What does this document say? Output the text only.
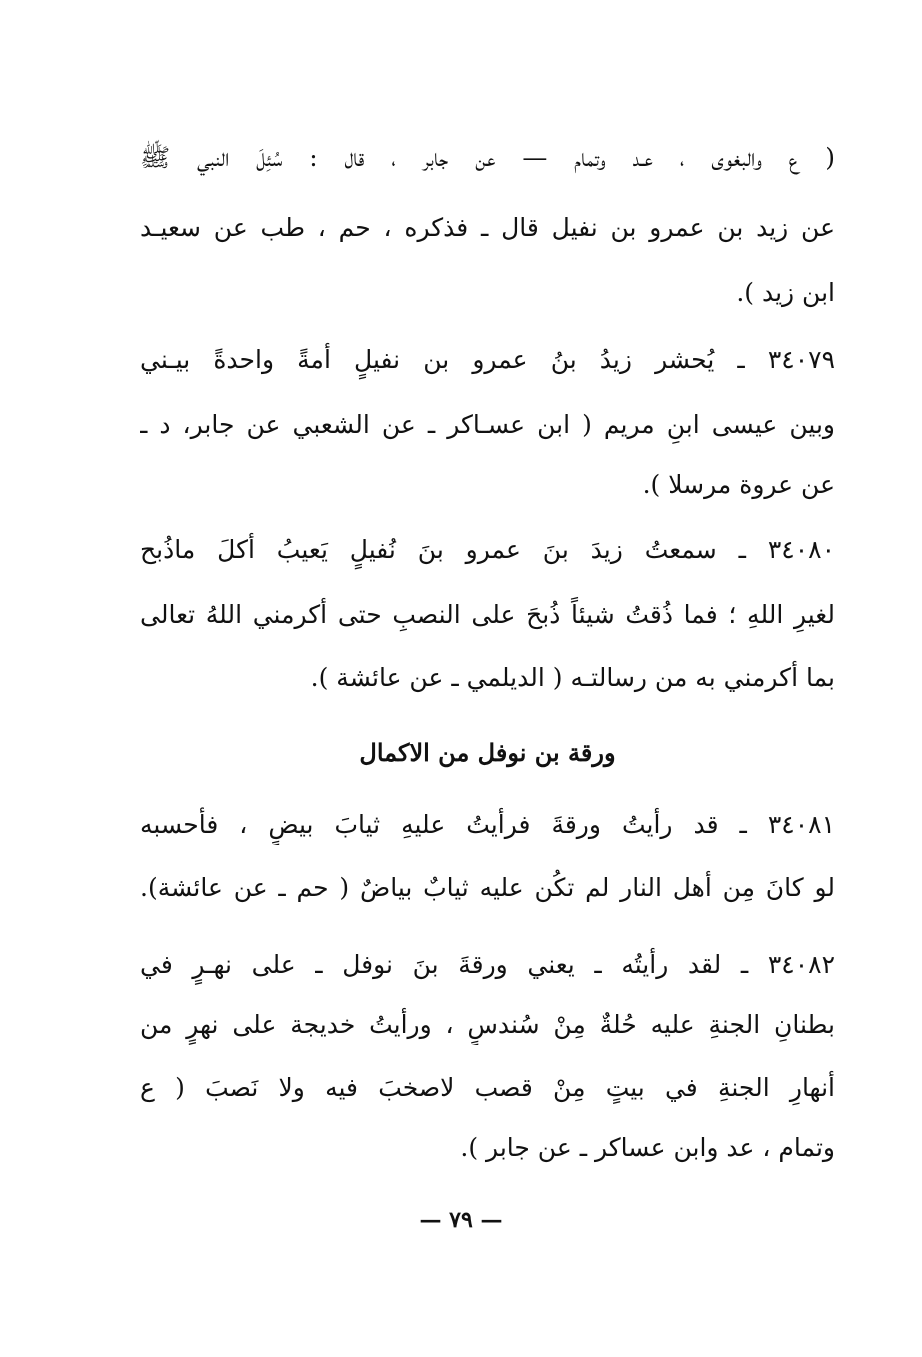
( ع والبغوى ، عـد وتمام — عن جابر ، قال : سُئِلَ النبي ﷺ
عن زيد بن عمرو بن نفيل قال ـ فذكره ، حم ، طب عن سعيـد
ابن زيد ).
٣٤٠٧٩ ـ يُحشر زيدُ بنُ عمرو بن نفيلٍ أمةً واحدةً بيـني
وبين عيسى ابنِ مريم ( ابن عسـاكر ـ عن الشعبي عن جابر، د ـ
عن عروة مرسلا ).
٣٤٠٨٠ ـ سمعتُ زيدَ بنَ عمرو بنَ نُفيلٍ يَعيبُ أكلَ ماذُبح
لغيرِ اللهِ ؛ فما ذُقتُ شيئاً ذُبحَ على النصبِ حتى أكرمني اللهُ تعالى
بما أكرمني به من رسالتـه ( الديلمي ـ عن عائشة ).
ورقة بن نوفل من الاكمال
٣٤٠٨١ ـ قد رأيتُ ورقةَ فرأيتُ عليهِ ثيابَ بيضٍ ، فأحسبه
لو كانَ مِن أهل النار لم تكُن عليه ثيابٌ بياضٌ ( حم ـ عن عائشة).
٣٤٠٨٢ ـ لقد رأيتُه ـ يعني ورقةَ بنَ نوفل ـ على نهـرٍ في
بطنانِ الجنةِ عليه حُلةٌ مِنْ سُندسٍ ، ورأيتُ خديجة على نهرٍ من
أنهارِ الجنةِ في بيتٍ مِنْ قصب لاصخبَ فيه ولا نَصبَ ( ع
وتمام ، عد وابن عساكر ـ عن جابر ).
— ٧٩ —
